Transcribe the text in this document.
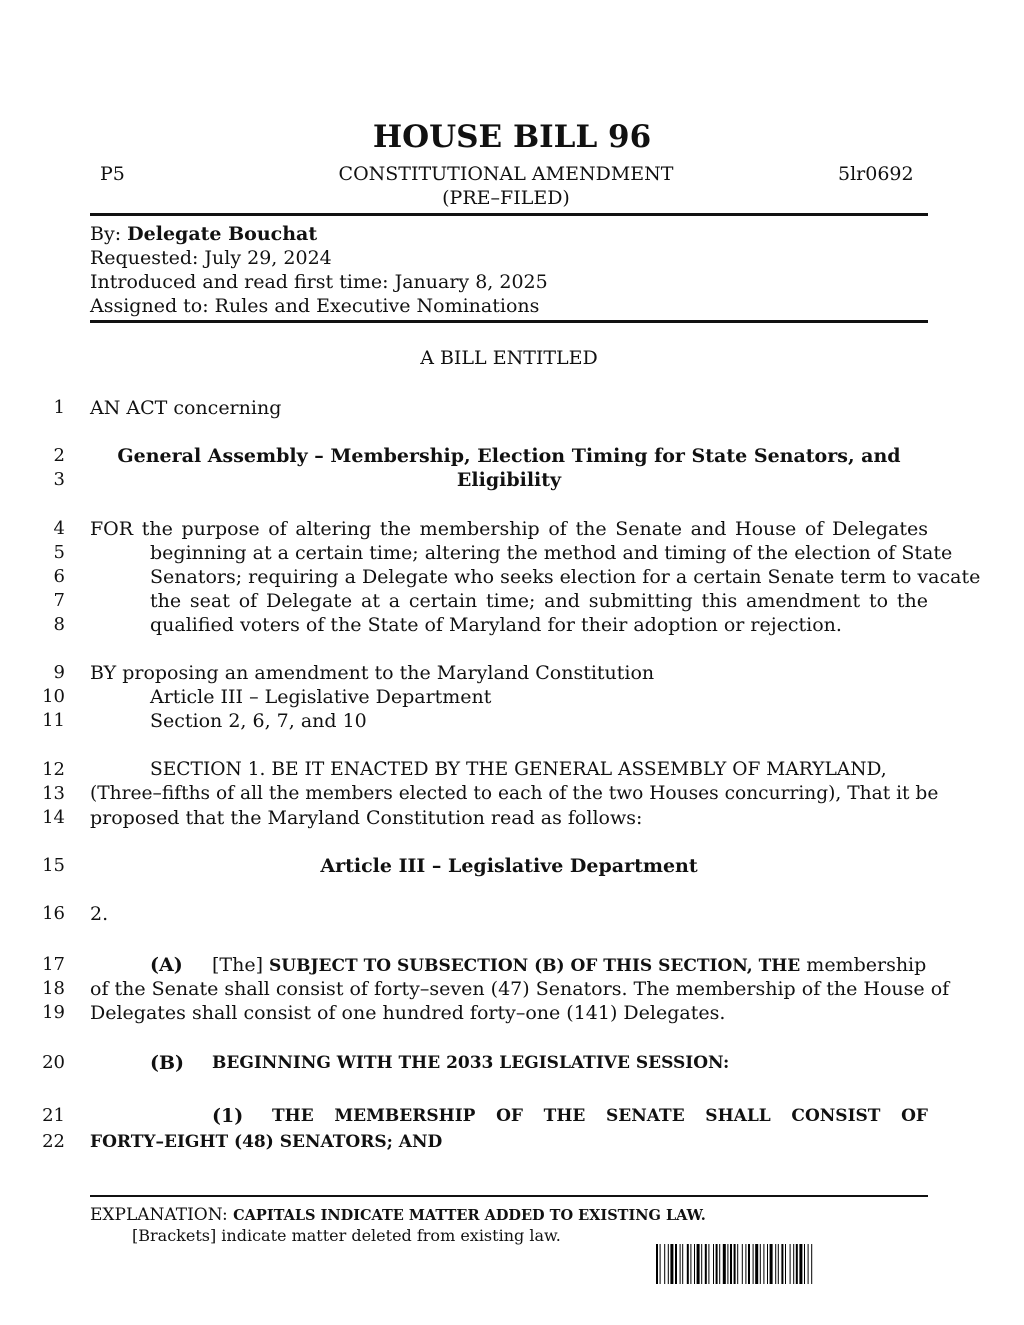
HOUSE BILL 96
P5	CONSTITUTIONAL AMENDMENT
(PRE–FILED)
5lr0692
By: Delegate Bouchat
Requested: July 29, 2024
Introduced and read first time: January 8, 2025
Assigned to: Rules and Executive Nominations
A BILL ENTITLED
1
2
3
4
5
6
7
8
9
10
11
12
13
14
15
16
17
18
19
20
21
22
AN ACT concerning
General Assembly – Membership, Election Timing for State Senators, and
Eligibility
FOR the purpose of altering the membership of the Senate and House of Delegates
beginning at a certain time; altering the method and timing of the election of State
Senators; requiring a Delegate who seeks election for a certain Senate term to vacate
the seat of Delegate at a certain time; and submitting this amendment to the
qualified voters of the State of Maryland for their adoption or rejection.
BY proposing an amendment to the Maryland Constitution
Article III – Legislative Department
Section 2, 6, 7, and 10
SECTION 1. BE IT ENACTED BY THE GENERAL ASSEMBLY OF MARYLAND,
(Three–fifths of all the members elected to each of the two Houses concurring), That it be
proposed that the Maryland Constitution read as follows:
Article III – Legislative Department
2.
(A) [The] SUBJECT TO SUBSECTION (B) OF THIS SECTION, THE membership
of the Senate shall consist of forty–seven (47) Senators. The membership of the House of
Delegates shall consist of one hundred forty–one (141) Delegates.
(B) BEGINNING WITH THE 2033 LEGISLATIVE SESSION:
(1) THE MEMBERSHIP OF THE SENATE SHALL CONSIST OF
FORTY–EIGHT (48) SENATORS; AND
EXPLANATION: CAPITALS INDICATE MATTER ADDED TO EXISTING LAW.
[Brackets] indicate matter deleted from existing law.
